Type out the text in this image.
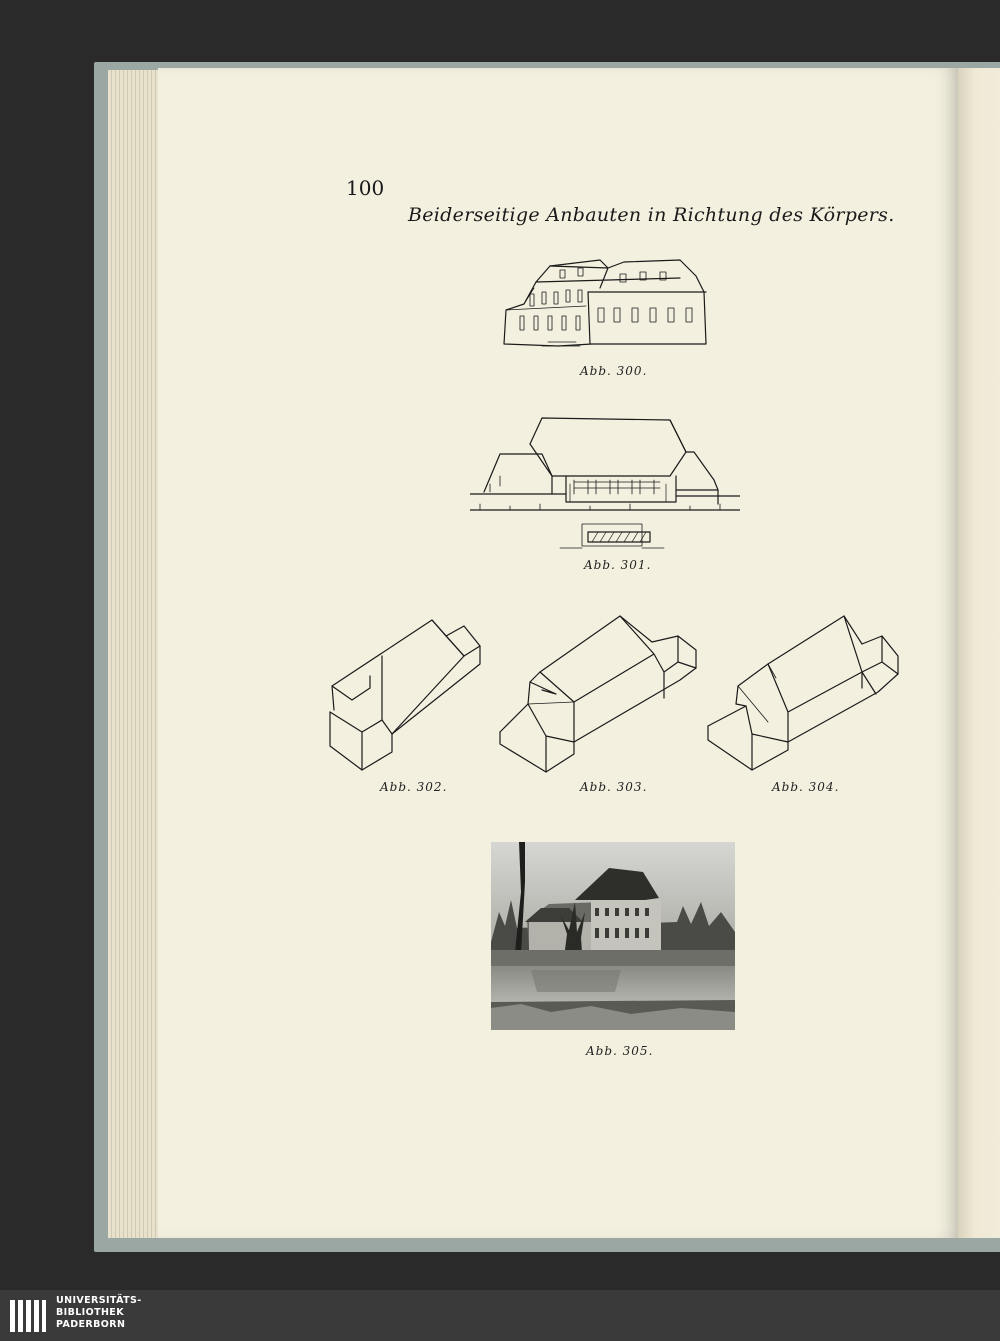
100
Beiderseitige Anbauten in Richtung des Körpers.
Abb. 300.
Abb. 301.
Abb. 302.	Abb. 303.	Abb. 304.
Abb. 305.
UNIVERSITÄTS-
BIBLIOTHEK
PADERBORN
